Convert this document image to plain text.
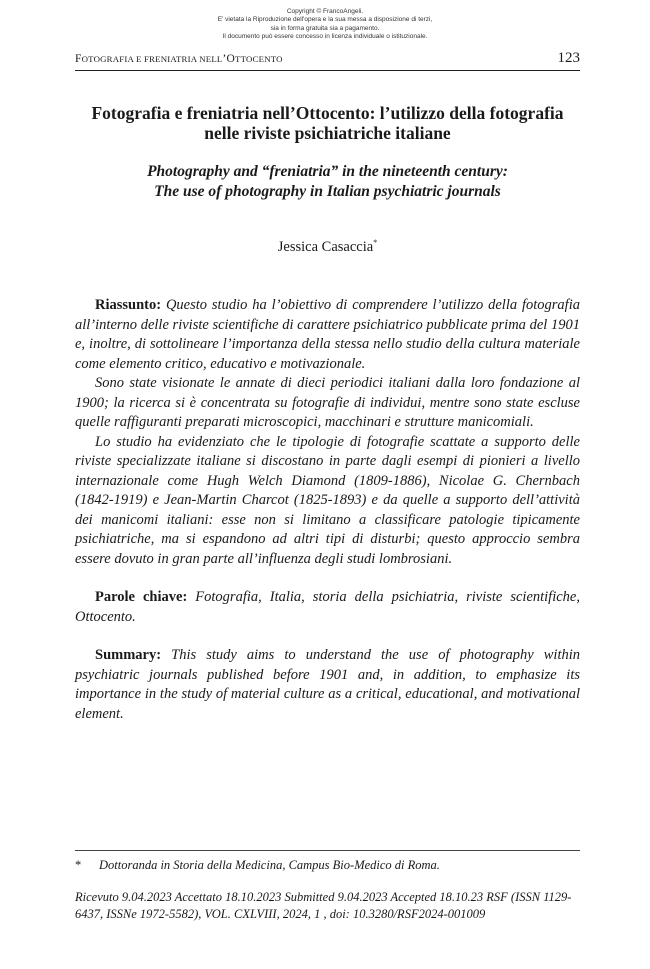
Copyright © FrancoAngeli.
E' vietata la Riproduzione dell'opera e la sua messa a disposizione di terzi,
sia in forma gratuita sia a pagamento.
Il documento può essere concesso in licenza individuale o istituzionale.
FOTOGRAFIA E FRENIATRIA NELL’OTTOCENTO	123
Fotografia e freniatria nell’Ottocento: l’utilizzo della fotografia nelle riviste psichiatriche italiane
Photography and “freniatria” in the nineteenth century:
The use of photography in Italian psychiatric journals
Jessica Casaccia*

Riassunto: Questo studio ha l’obiettivo di comprendere l’utilizzo della fotografia all’interno delle riviste scientifiche di carattere psichiatrico pubblicate prima del 1901 e, inoltre, di sottolineare l’importanza della stessa nello studio della cultura materiale come elemento critico, educativo e motivazionale.

Sono state visionate le annate di dieci periodici italiani dalla loro fondazione al 1900; la ricerca si è concentrata su fotografie di individui, mentre sono state escluse quelle raffiguranti preparati microscopici, macchinari e strutture manicomiali.

Lo studio ha evidenziato che le tipologie di fotografie scattate a supporto delle riviste specializzate italiane si discostano in parte dagli esempi di pionieri a livello internazionale come Hugh Welch Diamond (1809-1886), Nicolae G. Chernbach (1842-1919) e Jean-Martin Charcot (1825-1893) e da quelle a supporto dell’attività dei manicomi italiani: esse non si limitano a classificare patologie tipicamente psichiatriche, ma si espandono ad altri tipi di disturbi; questo approccio sembra essere dovuto in gran parte all’influenza degli studi lombrosiani.

Parole chiave: Fotografia, Italia, storia della psichiatria, riviste scientifiche, Ottocento.

Summary: This study aims to understand the use of photography within psychiatric journals published before 1901 and, in addition, to emphasize its importance in the study of material culture as a critical, educational, and motivational element.

* Dottoranda in Storia della Medicina, Campus Bio-Medico di Roma.
Ricevuto 9.04.2023 Accettato 18.10.2023 Submitted 9.04.2023 Accepted 18.10.23 RSF (ISSN 1129-6437, ISSNe 1972-5582), VOL. CXLVIII, 2024, 1 , doi: 10.3280/RSF2024-001009
